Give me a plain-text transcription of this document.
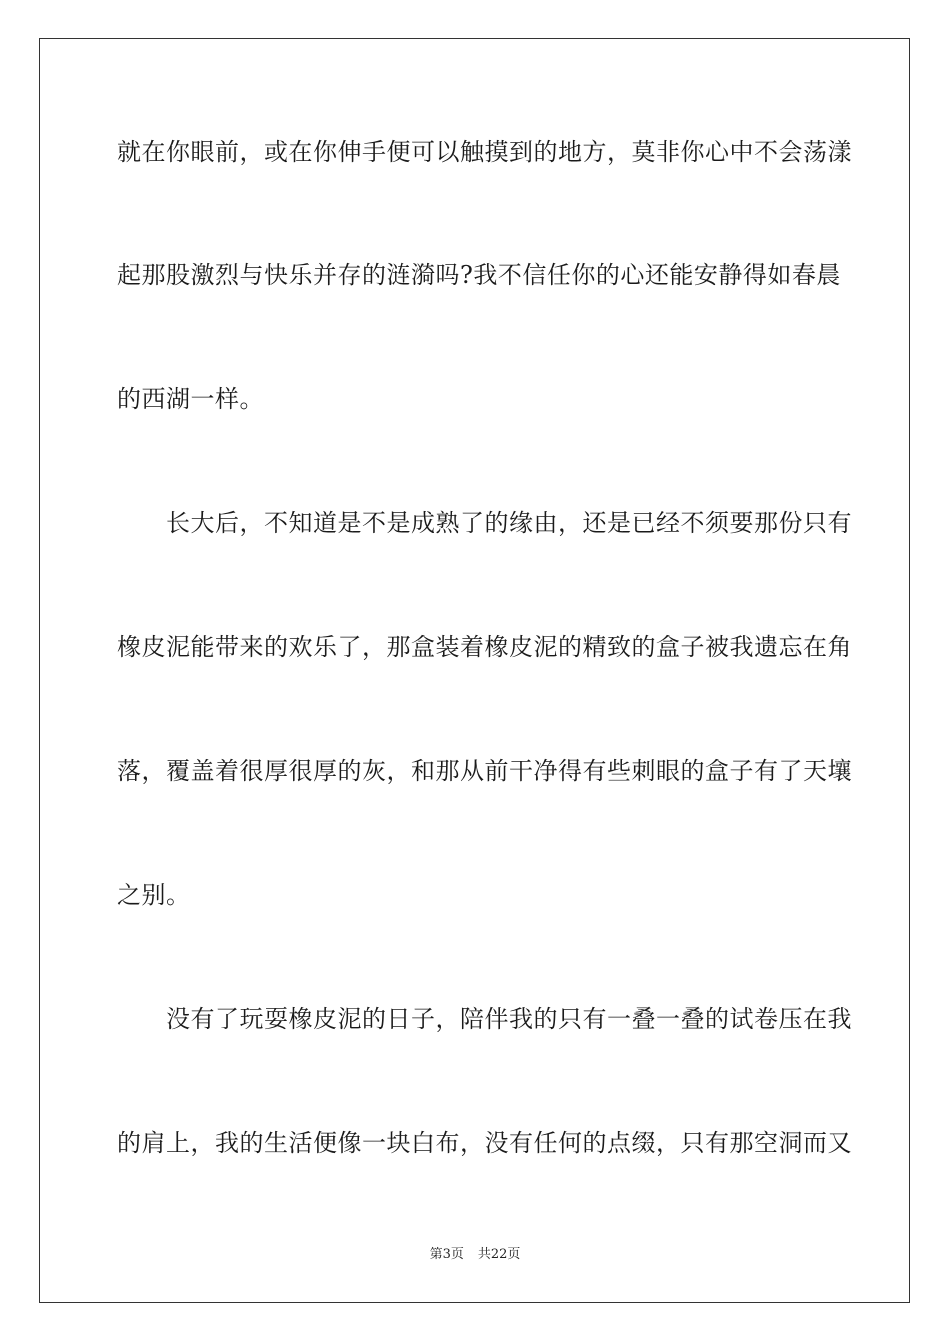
就在你眼前，或在你伸手便可以触摸到的地方，莫非你心中不会荡漾

起那股激烈与快乐并存的涟漪吗?我不信任你的心还能安静得如春晨

的西湖一样。

　　长大后，不知道是不是成熟了的缘由，还是已经不须要那份只有

橡皮泥能带来的欢乐了，那盒装着橡皮泥的精致的盒子被我遗忘在角

落，覆盖着很厚很厚的灰，和那从前干净得有些刺眼的盒子有了天壤

之别。

　　没有了玩耍橡皮泥的日子，陪伴我的只有一叠一叠的试卷压在我

的肩上，我的生活便像一块白布，没有任何的点缀，只有那空洞而又

第3页 共22页
